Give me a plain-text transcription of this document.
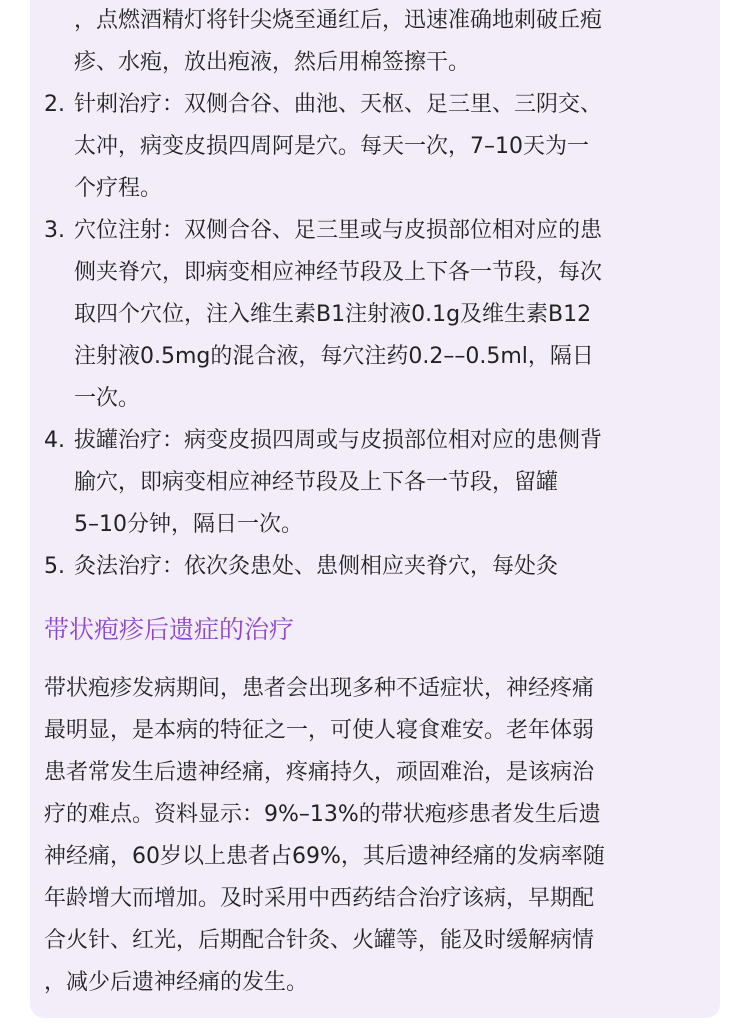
，点燃酒精灯将针尖烧至通红后，迅速准确地刺破丘疱
疹、水疱，放出疱液，然后用棉签擦干。
2. 针刺治疗：双侧合谷、曲池、天枢、足三里、三阴交、
太冲，病变皮损四周阿是穴。每天一次，7–10天为一
个疗程。
3. 穴位注射：双侧合谷、足三里或与皮损部位相对应的患
侧夹脊穴，即病变相应神经节段及上下各一节段，每次
取四个穴位，注入维生素B1注射液0.1g及维生素B12
注射液0.5mg的混合液，每穴注药0.2––0.5ml，隔日
一次。
4. 拔罐治疗：病变皮损四周或与皮损部位相对应的患侧背
腧穴，即病变相应神经节段及上下各一节段，留罐
5–10分钟，隔日一次。
5. 灸法治疗：依次灸患处、患侧相应夹脊穴，每处灸
带状疱疹后遗症的治疗
带状疱疹发病期间，患者会出现多种不适症状，神经疼痛
最明显，是本病的特征之一，可使人寝食难安。老年体弱
患者常发生后遗神经痛，疼痛持久，顽固难治，是该病治
疗的难点。资料显示：9%–13%的带状疱疹患者发生后遗
神经痛，60岁以上患者占69%，其后遗神经痛的发病率随
年龄增大而增加。及时采用中西药结合治疗该病，早期配
合火针、红光，后期配合针灸、火罐等，能及时缓解病情
，减少后遗神经痛的发生。
